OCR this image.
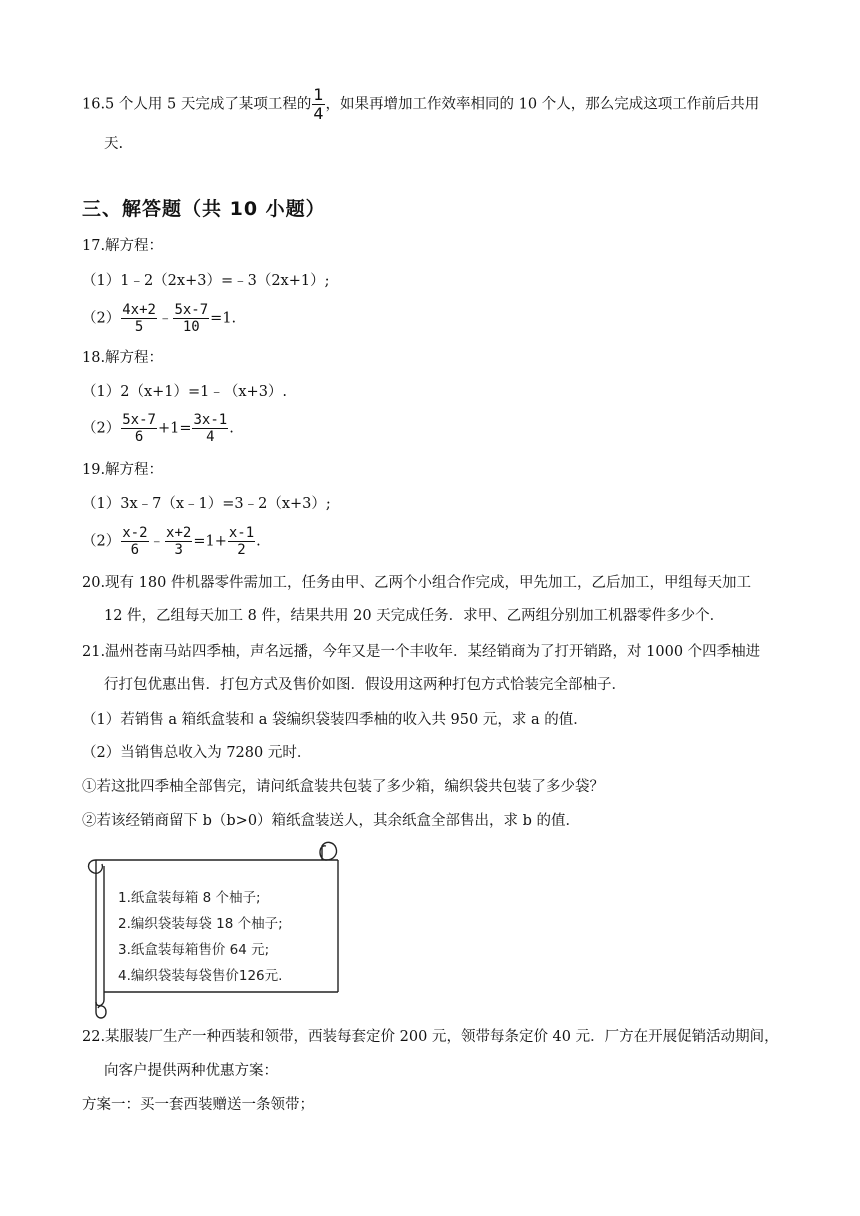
16.5 个人用 5 天完成了某项工程的 $\frac{1}{4}$ ，如果再增加工作效率相同的 10 个人，那么完成这项工作前后共用
天.
三、解答题（共 10 小题）
17.解方程：
（1）1﹣2（2x+3）=﹣3（2x+1）;
$(2) \frac{4x+2}{5}$ ﹣ $\frac{5x-7}{10} =1$.
18.解方程：
（1）2（x+1）=1﹣（x+3）.
$(2) \frac{5x-7}{6} +1= \frac{3x-1}{4}$ .
19.解方程：
（1）3x﹣7（x﹣1）=3﹣2（x+3）;
$(2) \frac{x-2}{6}$ ﹣ $\frac{x+2}{3} =1+ \frac{x-1}{2}$ .
20.现有 180 件机器零件需加工，任务由甲、乙两个小组合作完成，甲先加工，乙后加工，甲组每天加工
12 件，乙组每天加工 8 件，结果共用 20 天完成任务．求甲、乙两组分别加工机器零件多少个．
21.温州苍南马站四季柚，声名远播，今年又是一个丰收年．某经销商为了打开销路，对 1000 个四季柚进
行打包优惠出售．打包方式及售价如图．假设用这两种打包方式恰装完全部柚子．
（1）若销售 a 箱纸盒装和 a 袋编织袋装四季柚的收入共 950 元，求 a 的值．
（2）当销售总收入为 7280 元时．
①若这批四季柚全部售完，请问纸盒装共包装了多少箱，编织袋共包装了多少袋？
②若该经销商留下 b（b>0）箱纸盒装送人，其余纸盒全部售出，求 b 的值．
1.纸盒装每箱 8 个柚子;
2.编织袋装每袋 18 个柚子;
3.纸盒装每箱售价 64 元;
4.编织袋装每袋售价126元.
22.某服装厂生产一种西装和领带，西装每套定价 200 元，领带每条定价 40 元．厂方在开展促销活动期间，
向客户提供两种优惠方案：
方案一：买一套西装赠送一条领带；
